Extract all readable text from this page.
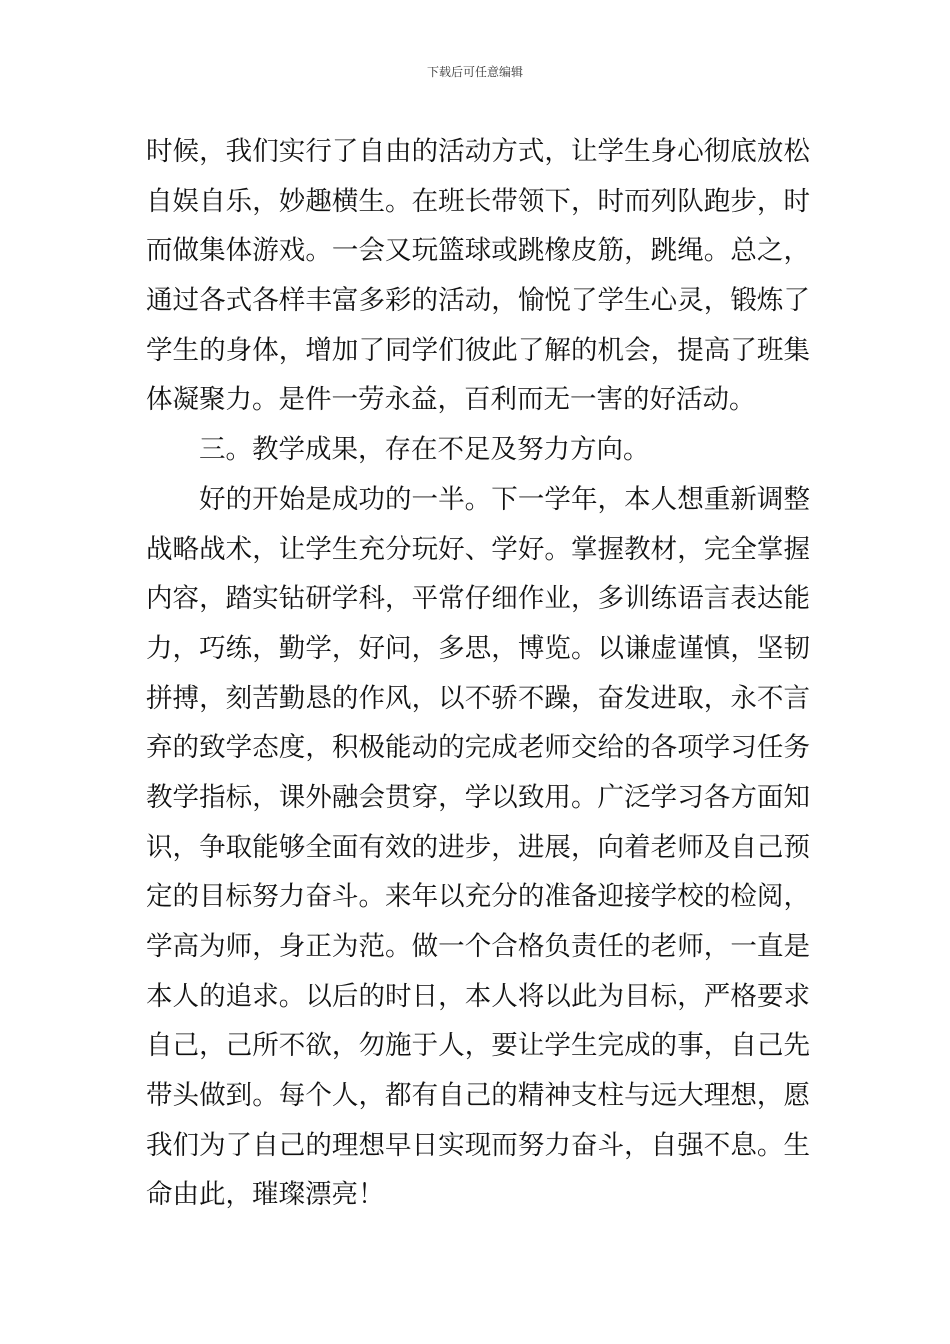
下载后可任意编辑
时候，我们实行了自由的活动方式，让学生身心彻底放松
自娱自乐，妙趣横生。在班长带领下，时而列队跑步，时
而做集体游戏。一会又玩篮球或跳橡皮筋，跳绳。总之，
通过各式各样丰富多彩的活动，愉悦了学生心灵，锻炼了
学生的身体，增加了同学们彼此了解的机会，提高了班集
体凝聚力。是件一劳永益，百利而无一害的好活动。
三。教学成果，存在不足及努力方向。
好的开始是成功的一半。下一学年，本人想重新调整
战略战术，让学生充分玩好、学好。掌握教材，完全掌握
内容，踏实钻研学科，平常仔细作业，多训练语言表达能
力，巧练，勤学，好问，多思，博览。以谦虚谨慎，坚韧
拼搏，刻苦勤恳的作风，以不骄不躁，奋发进取，永不言
弃的致学态度，积极能动的完成老师交给的各项学习任务
教学指标，课外融会贯穿，学以致用。广泛学习各方面知
识，争取能够全面有效的进步，进展，向着老师及自己预
定的目标努力奋斗。来年以充分的准备迎接学校的检阅，
学高为师，身正为范。做一个合格负责任的老师，一直是
本人的追求。以后的时日，本人将以此为目标，严格要求
自己，己所不欲，勿施于人，要让学生完成的事，自己先
带头做到。每个人，都有自己的精神支柱与远大理想，愿
我们为了自己的理想早日实现而努力奋斗，自强不息。生
命由此，璀璨漂亮！
